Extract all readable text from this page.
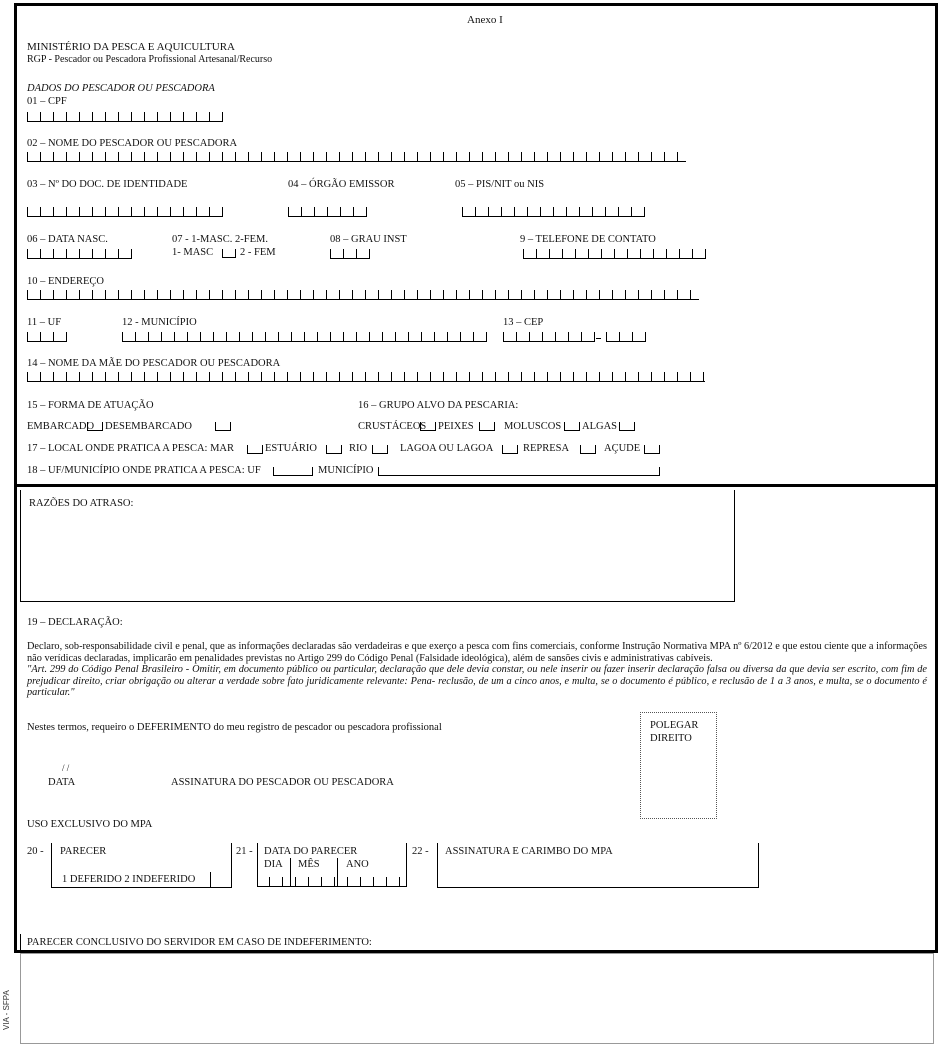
VIA - SFPA
Anexo I
MINISTÉRIO DA PESCA E AQUICULTURA
RGP - Pescador ou Pescadora Profissional Artesanal/Recurso
DADOS DO PESCADOR OU PESCADORA
01 – CPF
02 – NOME DO PESCADOR OU PESCADORA
03 – Nº DO DOC. DE IDENTIDADE	04 – ÓRGÃO EMISSOR	05 – PIS/NIT ou NIS
06 – DATA NASC.	07 - 1-MASC. 2-FEM.
1- MASC	2 - FEM
08 – GRAU INST	9 – TELEFONE DE CONTATO
10 – ENDEREÇO
11 – UF	12 - MUNICÍPIO	13 – CEP
14 – NOME DA MÃE DO PESCADOR OU PESCADORA
15 – FORMA DE ATUAÇÃO	16 – GRUPO ALVO DA PESCARIA:
EMBARCADO DESEMBARCADO	CRUSTÁCEOS PEIXES	MOLUSCOS ALGAS
17 – LOCAL ONDE PRATICA A PESCA: MAR	ESTUÁRIO	RIO	LAGOA OU LAGOA	REPRESA	AÇUDE
18 – UF/MUNICÍPIO ONDE PRATICA A PESCA: UF	MUNICÍPIO
RAZÕES DO ATRASO:
19 – DECLARAÇÃO:
Declaro, sob-responsabilidade civil e penal, que as informações declaradas são verdadeiras e que exerço a pesca com fins comerciais, conforme Instrução Normativa MPA nº 6/2012 e que estou ciente que a informações não verídicas declaradas, implicarão em penalidades previstas no Artigo 299 do Código Penal (Falsidade ideológica), além de sansões civis e administrativas cabíveis.
"Art. 299 do Código Penal Brasileiro - Omitir, em documento público ou particular, declaração que dele devia constar, ou nele inserir ou fazer inserir declaração falsa ou diversa da que devia ser escrito, com fim de prejudicar direito, criar obrigação ou alterar a verdade sobre fato juridicamente relevante: Pena- reclusão, de um a cinco anos, e multa, se o documento é público, e reclusão de 1 a 3 anos, e multa, se o documento é particular."
Nestes termos, requeiro o DEFERIMENTO do meu registro de pescador ou pescadora profissional	POLEGAR
DIREITO
/ /
DATA	ASSINATURA DO PESCADOR OU PESCADORA
USO EXCLUSIVO DO MPA
20 - PARECER
1 DEFERIDO 2 INDEFERIDO
21 - DATA DO PARECER
DIA MÊS	ANO
22 - ASSINATURA E CARIMBO DO MPA
PARECER CONCLUSIVO DO SERVIDOR EM CASO DE INDEFERIMENTO:
